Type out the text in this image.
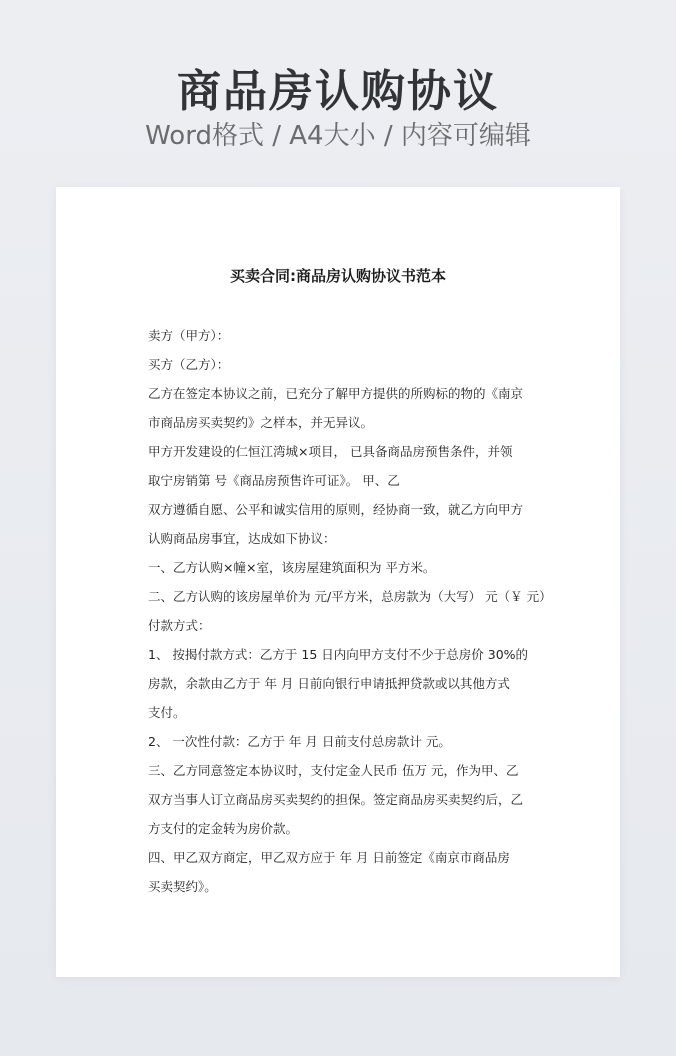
商品房认购协议
Word格式 / A4大小 / 内容可编辑
买卖合同:商品房认购协议书范本
卖方（甲方）：
买方（乙方）：
乙方在签定本协议之前，已充分了解甲方提供的所购标的物的《南京
市商品房买卖契约》之样本，并无异议。
甲方开发建设的仁恒江湾城×项目， 已具备商品房预售条件，并领
取宁房销第 号《商品房预售许可证》。 甲、乙
双方遵循自愿、公平和诚实信用的原则，经协商一致，就乙方向甲方
认购商品房事宜，达成如下协议：
一、乙方认购×幢×室，该房屋建筑面积为 平方米。
二、乙方认购的该房屋单价为 元/平方米，总房款为（大写） 元（￥ 元）
付款方式：
1、 按揭付款方式：乙方于 15 日内向甲方支付不少于总房价 30%的
房款，余款由乙方于 年 月 日前向银行申请抵押贷款或以其他方式
支付。
2、 一次性付款：乙方于 年 月 日前支付总房款计 元。
三、乙方同意签定本协议时，支付定金人民币 伍万 元，作为甲、乙
双方当事人订立商品房买卖契约的担保。签定商品房买卖契约后，乙
方支付的定金转为房价款。
四、甲乙双方商定，甲乙双方应于 年 月 日前签定《南京市商品房
买卖契约》。
